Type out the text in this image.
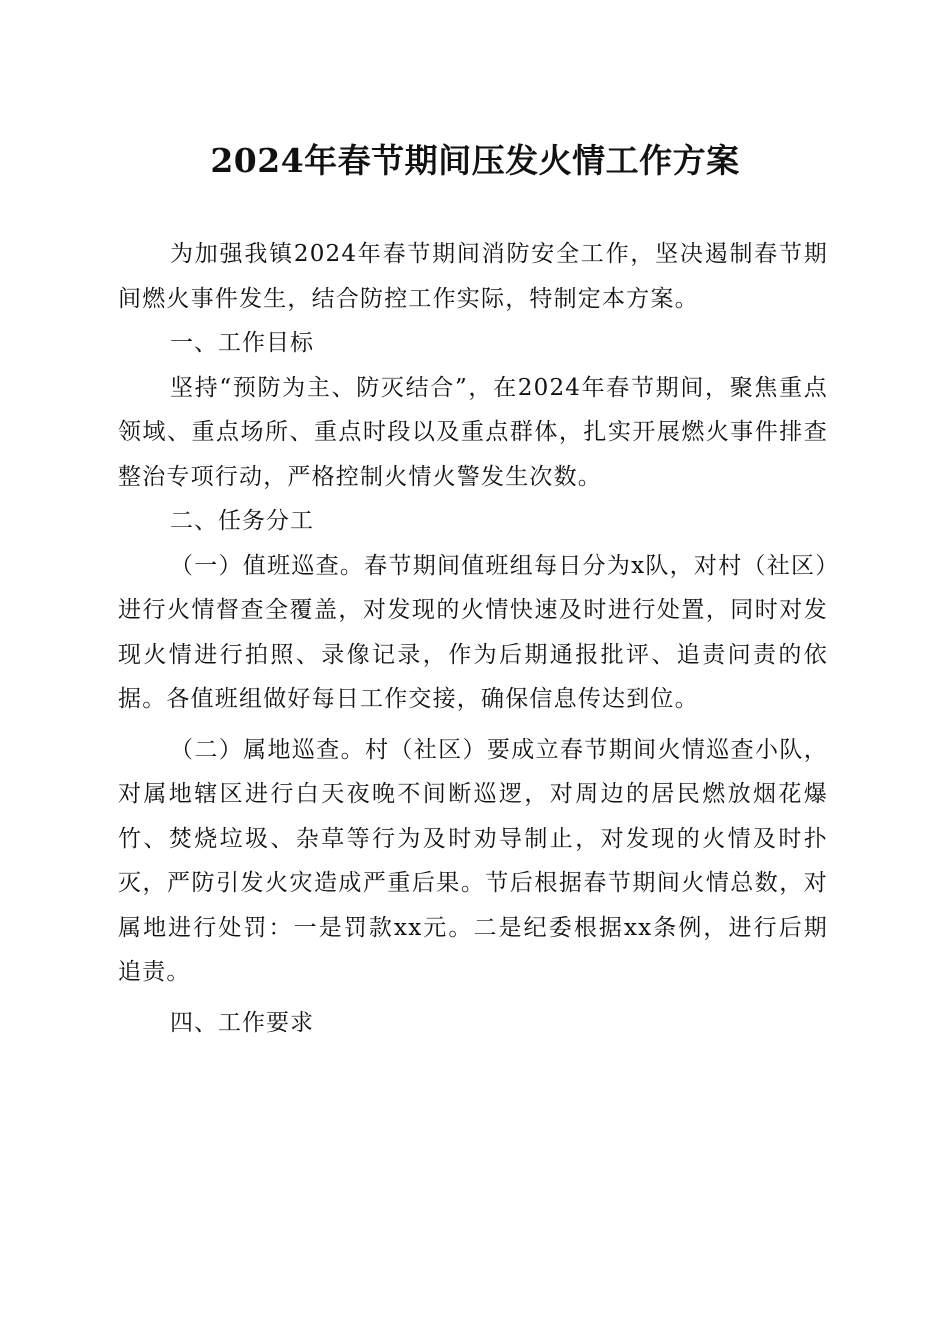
2024年春节期间压发火情工作方案

为加强我镇2024年春节期间消防安全工作，坚决遏制春节期间燃火事件发生，结合防控工作实际，特制定本方案。

一、工作目标

坚持“预防为主、防灭结合”，在2024年春节期间，聚焦重点领域、重点场所、重点时段以及重点群体，扎实开展燃火事件排查整治专项行动，严格控制火情火警发生次数。

二、任务分工

（一）值班巡查。春节期间值班组每日分为x队，对村（社区）进行火情督查全覆盖，对发现的火情快速及时进行处置，同时对发现火情进行拍照、录像记录，作为后期通报批评、追责问责的依据。各值班组做好每日工作交接，确保信息传达到位。

（二）属地巡查。村（社区）要成立春节期间火情巡查小队，对属地辖区进行白天夜晚不间断巡逻，对周边的居民燃放烟花爆竹、焚烧垃圾、杂草等行为及时劝导制止，对发现的火情及时扑灭，严防引发火灾造成严重后果。节后根据春节期间火情总数，对属地进行处罚：一是罚款xx元。二是纪委根据xx条例，进行后期追责。

四、工作要求
